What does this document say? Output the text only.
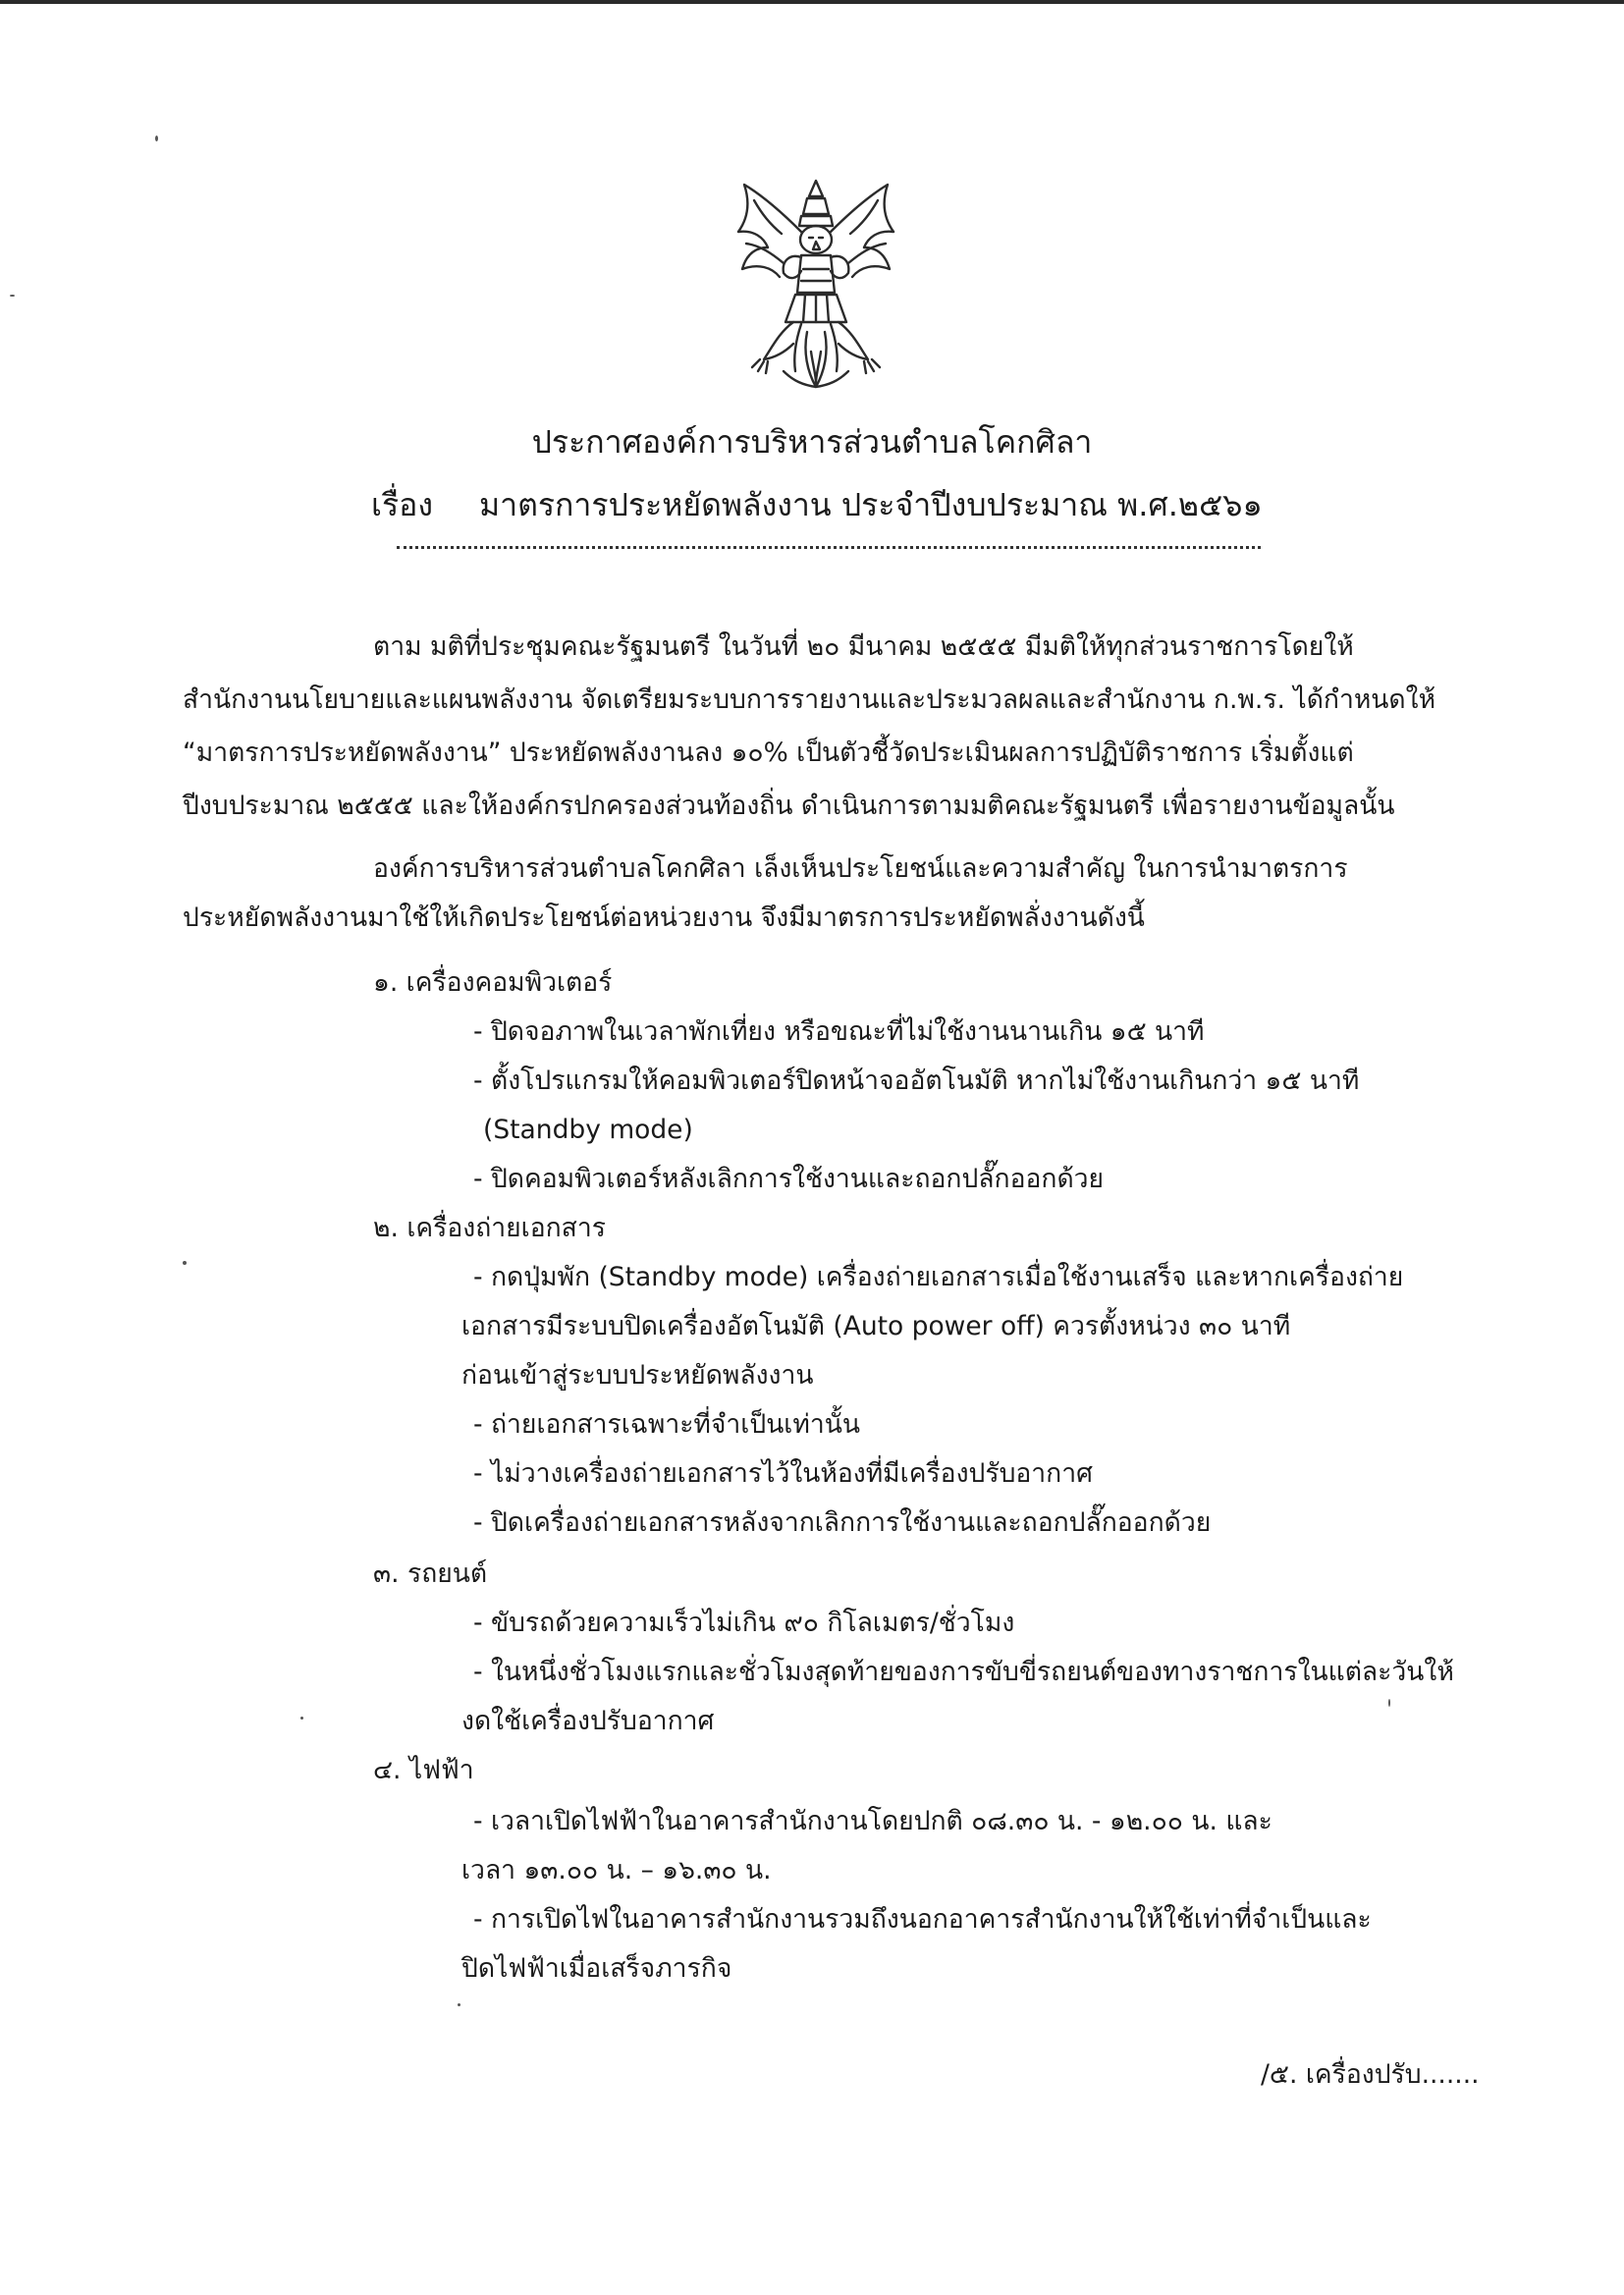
ประกาศองค์การบริหารส่วนตำบลโคกศิลา
เรื่อง มาตรการประหยัดพลังงาน ประจำปีงบประมาณ พ.ศ.๒๕๖๑
ตาม มติที่ประชุมคณะรัฐมนตรี ในวันที่ ๒๐ มีนาคม ๒๕๕๕ มีมติให้ทุกส่วนราชการโดยให้
สำนักงานนโยบายและแผนพลังงาน จัดเตรียมระบบการรายงานและประมวลผลและสำนักงาน ก.พ.ร. ได้กำหนดให้
“มาตรการประหยัดพลังงาน” ประหยัดพลังงานลง ๑๐% เป็นตัวชี้วัดประเมินผลการปฏิบัติราชการ เริ่มตั้งแต่
ปีงบประมาณ ๒๕๕๕ และให้องค์กรปกครองส่วนท้องถิ่น ดำเนินการตามมติคณะรัฐมนตรี เพื่อรายงานข้อมูลนั้น
องค์การบริหารส่วนตำบลโคกศิลา เล็งเห็นประโยชน์และความสำคัญ ในการนำมาตรการ
ประหยัดพลังงานมาใช้ให้เกิดประโยชน์ต่อหน่วยงาน จึงมีมาตรการประหยัดพลั่งงานดังนี้
๑. เครื่องคอมพิวเตอร์
- ปิดจอภาพในเวลาพักเที่ยง หรือขณะที่ไม่ใช้งานนานเกิน ๑๕ นาที
- ตั้งโปรแกรมให้คอมพิวเตอร์ปิดหน้าจออัตโนมัติ หากไม่ใช้งานเกินกว่า ๑๕ นาที
(Standby mode)
- ปิดคอมพิวเตอร์หลังเลิกการใช้งานและถอกปลั๊กออกด้วย
๒. เครื่องถ่ายเอกสาร
- กดปุ่มพัก (Standby mode) เครื่องถ่ายเอกสารเมื่อใช้งานเสร็จ และหากเครื่องถ่าย
เอกสารมีระบบปิดเครื่องอัตโนมัติ (Auto power off) ควรตั้งหน่วง ๓๐ นาที
ก่อนเข้าสู่ระบบประหยัดพลังงาน
- ถ่ายเอกสารเฉพาะที่จำเป็นเท่านั้น
- ไม่วางเครื่องถ่ายเอกสารไว้ในห้องที่มีเครื่องปรับอากาศ
- ปิดเครื่องถ่ายเอกสารหลังจากเลิกการใช้งานและถอกปลั๊กออกด้วย
๓. รถยนต์
- ขับรถด้วยความเร็วไม่เกิน ๙๐ กิโลเมตร/ชั่วโมง
- ในหนึ่งชั่วโมงแรกและชั่วโมงสุดท้ายของการขับขี่รถยนต์ของทางราชการในแต่ละวันให้
งดใช้เครื่องปรับอากาศ
๔. ไฟฟ้า
- เวลาเปิดไฟฟ้าในอาคารสำนักงานโดยปกติ ๐๘.๓๐ น. - ๑๒.๐๐ น. และ
เวลา ๑๓.๐๐ น. – ๑๖.๓๐ น.
- การเปิดไฟในอาคารสำนักงานรวมถึงนอกอาคารสำนักงานให้ใช้เท่าที่จำเป็นและ
ปิดไฟฟ้าเมื่อเสร็จภารกิจ
/๕. เครื่องปรับ.......
